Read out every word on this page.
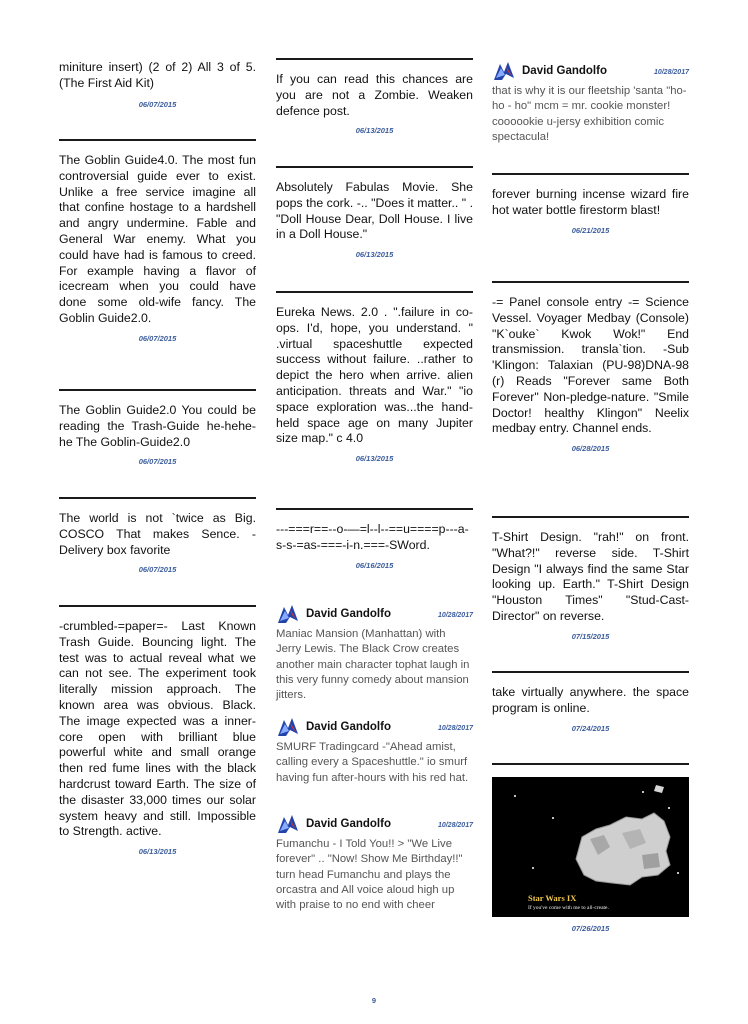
miniture insert) (2 of 2) All 3 of 5. (The First Aid Kit)

06/07/2015

The Goblin Guide4.0. The most fun controversial guide ever to exist. Unlike a free service imagine all that confine hostage to a hardshell and angry undermine. Fable and General War enemy. What you could have had is famous to creed. For example having a flavor of icecream when you could have done some old-wife fancy. The Goblin Guide2.0.

06/07/2015

The Goblin Guide2.0 You could be reading the Trash-Guide he-hehe-he The Goblin-Guide2.0

06/07/2015

The world is not `twice as Big. COSCO That makes Sence. -Delivery box favorite

06/07/2015

-crumbled-=paper=- Last Known Trash Guide. Bouncing light. The test was to actual reveal what we can not see. The experiment took literally mission approach. The known area was obvious. Black. The image expected was a inner-core open with brilliant blue powerful white and small orange then red fume lines with the black hardcrust toward Earth. The size of the disaster 33,000 times our solar system heavy and still. Impossible to Strength. active.

06/13/2015

If you can read this chances are you are not a Zombie. Weaken defence post.

06/13/2015

Absolutely Fabulas Movie. She pops the cork. -.. "Does it matter.. " . "Doll House Dear, Doll House. I live in a Doll House."

06/13/2015

Eureka News. 2.0 . ".failure in co-ops. I'd, hope, you understand. " .virtual spaceshuttle expected success without failure. ..rather to depict the hero when arrive. alien anticipation. threats and War." "io space exploration was...the hand-held space age on many Jupiter size map." c 4.0

06/13/2015

---===r==--o-—=l--l--==u====p---a-s-s-=as-===-i-n.===-SWord.

06/16/2015
David Gandolfo	10/28/2017

Maniac Mansion (Manhattan) with Jerry Lewis. The Black Crow creates another main character tophat laugh in this very funny comedy about mansion jitters.

David Gandolfo	10/28/2017

SMURF Tradingcard -"Ahead amist, calling every a Spaceshuttle." io smurf having fun after-hours with his red hat.

David Gandolfo	10/28/2017

Fumanchu - I Told You!! > "We Live forever" .. "Now! Show Me Birthday!!" turn head Fumanchu and plays the orcastra and All voice aloud high up with praise to no end with cheer

David Gandolfo	10/28/2017

that is why it is our fleetship 'santa "ho-ho - ho" mcm = mr. cookie monster! coooookie u-jersy exhibition comic spectacula!

forever burning incense wizard fire hot water bottle firestorm blast!

06/21/2015

-= Panel console entry -= Science Vessel. Voyager Medbay (Console) "K`ouke` Kwok Wok!" End transmission. transla`tion. -Sub 'Klingon: Talaxian (PU-98)DNA-98 (r) Reads "Forever same Both Forever" Non-pledge-nature. "Smile Doctor! healthy Klingon" Neelix medbay entry. Channel ends.

06/28/2015

T-Shirt Design. "rah!" on front. "What?!" reverse side. T-Shirt Design "I always find the same Star looking up. Earth." T-Shirt Design "Houston Times" "Stud-Cast-Director" on reverse.

07/15/2015

take virtually anywhere. the space program is online.

07/24/2015
Star Wars IX
If you've come with me to all-create.
07/26/2015
9
